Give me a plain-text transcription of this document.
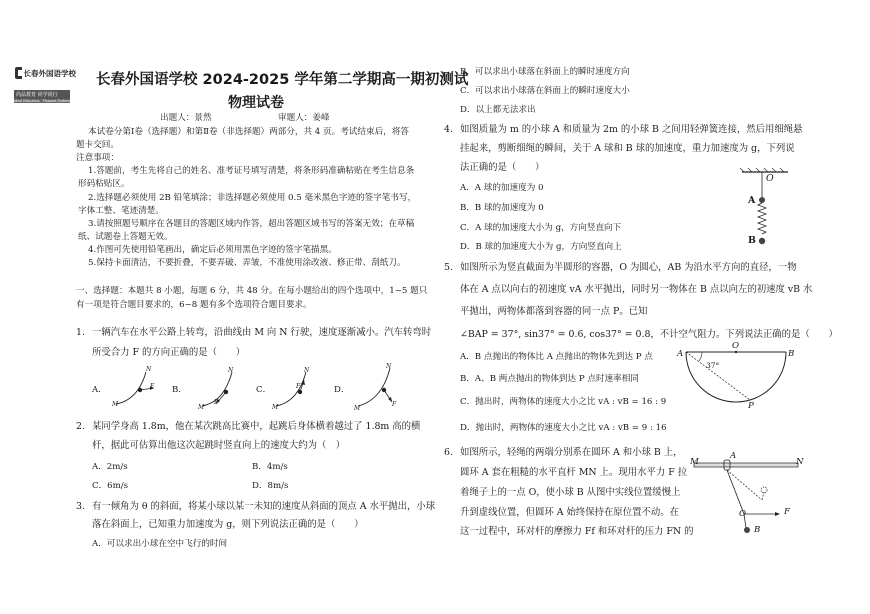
长春外国语学校
尚品教育 尚学尚行
Ideal Education · Pleasant Endeavor
长春外国语学校 2024-2025 学年第二学期高一期初测试
物理试卷
出题人：景然	审题人：姜峰
本试卷分第Ⅰ卷（选择题）和第Ⅱ卷（非选择题）两部分，共 4 页。考试结束后，将答
题卡交回。
注意事项：
1.答题前，考生先将自己的姓名、准考证号填写清楚，将条形码准确粘贴在考生信息条
形码粘贴区。
2.选择题必须使用 2B 铅笔填涂；非选择题必须使用 0.5 毫米黑色字迹的签字笔书写，
字体工整、笔迹清楚。
3.请按照题号顺序在各题目的答题区域内作答，超出答题区域书写的答案无效；在草稿
纸、试题卷上答题无效。
4.作图可先使用铅笔画出，确定后必须用黑色字迹的签字笔描黑。
5.保持卡面清洁，不要折叠，不要弄破、弄皱，不准使用涂改液、修正带、刮纸刀。
一、选择题：本题共 8 小题，每题 6 分，共 48 分。在每小题给出的四个选项中，1~5 题只
有一项是符合题目要求的，6~8 题有多个选项符合题目要求。
1. 一辆汽车在水平公路上转弯，沿曲线由 M 向 N 行驶，速度逐渐减小。汽车转弯时
所受合力 F 的方向正确的是（　　）
A．	B．	C．	D．
M
N
F
M
N
F
M
N
F
M
N
F
2. 某同学身高 1.8m，他在某次跳高比赛中，起跳后身体横着越过了 1.8m 高的横
杆，据此可估算出他这次起跳时竖直向上的速度大约为（　）
A．2m/s	B．4m/s
C．6m/s	D．8m/s
3. 有一倾角为 θ 的斜面，将某小球以某一未知的速度从斜面的顶点 A 水平抛出，小球
落在斜面上，已知重力加速度为 g，则下列说法正确的是（　　）
A．可以求出小球在空中飞行的时间
B．可以求出小球落在斜面上的瞬时速度方向
C．可以求出小球落在斜面上的瞬时速度大小
D．以上都无法求出
4. 如图质量为 m 的小球 A 和质量为 2m 的小球 B 之间用轻弹簧连接，然后用细绳悬
挂起来，剪断细绳的瞬间，关于 A 球和 B 球的加速度，重力加速度为 g，下列说
法正确的是（　　）
A．A 球的加速度为 0
B．B 球的加速度为 0
C．A 球的加速度大小为 g，方向竖直向下
D．B 球的加速度大小为 g，方向竖直向上
O
A
B
5. 如图所示为竖直截面为半圆形的容器，O 为圆心，AB 为沿水平方向的直径，一物
体在 A 点以向右的初速度 vA 水平抛出，同时另一物体在 B 点以向左的初速度 vB 水
平抛出，两物体都落到容器的同一点 P。已知
∠BAP = 37°, sin37° = 0.6, cos37° = 0.8，不计空气阻力。下列说法正确的是（　　）
A．B 点抛出的物体比 A 点抛出的物体先到达 P 点
B．A、B 两点抛出的物体到达 P 点时速率相同
C．抛出时，两物体的速度大小之比 vA : vB = 16 : 9
D．抛出时，两物体的速度大小之比 vA : vB = 9 : 16
A
O
B
P
37°
6. 如图所示，轻绳的两端分别系在圆环 A 和小球 B 上，
圆环 A 套在粗糙的水平直杆 MN 上。现用水平力 F 拉
着绳子上的一点 O，使小球 B 从图中实线位置缓慢上
升到虚线位置，但圆环 A 始终保持在原位置不动。在
这一过程中，环对杆的摩擦力 Ff 和环对杆的压力 FN 的
M	N
A
O
B
F
